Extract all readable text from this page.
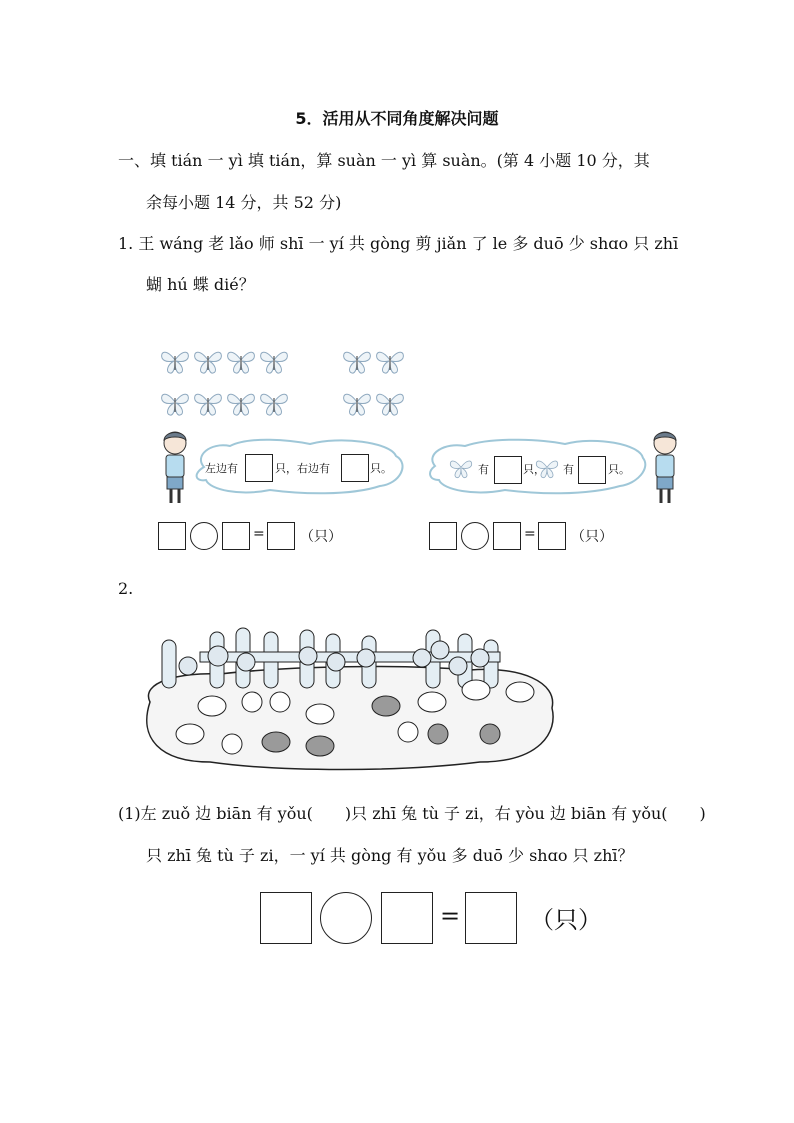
5．活用从不同角度解决问题
一、填 tián 一 yì 填 tián，算 suàn 一 yì 算 suàn。(第 4 小题 10 分，其
余每小题 14 分，共 52 分)
1. 王 wáng 老 lǎo 师 shī 一 yí 共 gòng 剪 jiǎn 了 le 多 duō 少 shɑo 只 zhī
蝴 hú 蝶 dié？
左边有	只，右边有	只。	有	只， 有	只。
=	（只）	=	（只）
2.
(1)左 zuǒ 边 biān 有 yǒu(　　)只 zhī 兔 tù 子 zi，右 yòu 边 biān 有 yǒu(　　)
只 zhī 兔 tù 子 zi，一 yí 共 gòng 有 yǒu 多 duō 少 shɑo 只 zhī？
=	（只）
